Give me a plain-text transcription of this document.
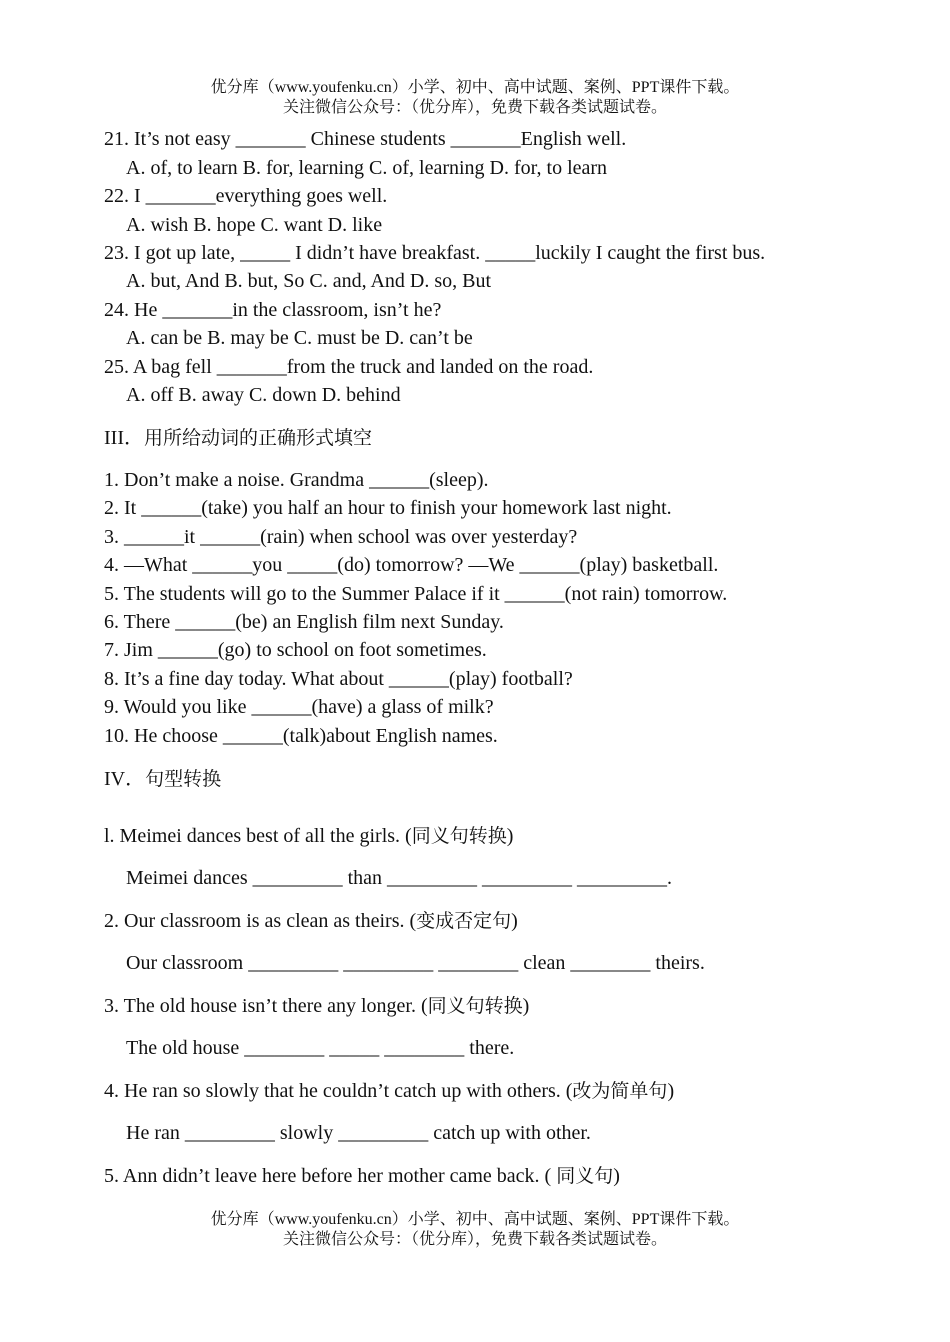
优分库（www.youfenku.cn）小学、初中、高中试题、案例、PPT课件下载。
关注微信公众号：（优分库），免费下载各类试题试卷。
21. It’s not easy _______ Chinese students _______English well.
A. of, to learn B. for, learning C. of, learning D. for, to learn
22. I _______everything goes well.
A. wish B. hope C. want D. like
23. I got up late, _____ I didn’t have breakfast. _____luckily I caught the first bus.
A. but, And B. but, So C. and, And D. so, But
24. He _______in the classroom, isn’t he?
A. can be B. may be C. must be D. can’t be
25. A bag fell _______from the truck and landed on the road.
A. off B. away C. down D. behind
III．用所给动词的正确形式填空
1. Don’t make a noise. Grandma ______(sleep).
2. It ______(take) you half an hour to finish your homework last night.
3. ______it ______(rain) when school was over yesterday?
4. —What ______you _____(do) tomorrow? —We ______(play) basketball.
5. The students will go to the Summer Palace if it ______(not rain) tomorrow.
6. There ______(be) an English film next Sunday.
7. Jim ______(go) to school on foot sometimes.
8. It’s a fine day today. What about ______(play) football?
9. Would you like ______(have) a glass of milk?
10. He choose ______(talk)about English names.
IV．句型转换
l. Meimei dances best of all the girls. (同义句转换)
Meimei dances _________ than _________ _________ _________.
2. Our classroom is as clean as theirs. (变成否定句)
Our classroom _________ _________ ________ clean ________ theirs.
3. The old house isn’t there any longer. (同义句转换)
The old house ________ _____ ________ there.
4. He ran so slowly that he couldn’t catch up with others. (改为简单句)
He ran _________ slowly _________ catch up with other.
5. Ann didn’t leave here before her mother came back. ( 同义句)
优分库（www.youfenku.cn）小学、初中、高中试题、案例、PPT课件下载。
关注微信公众号：（优分库），免费下载各类试题试卷。
